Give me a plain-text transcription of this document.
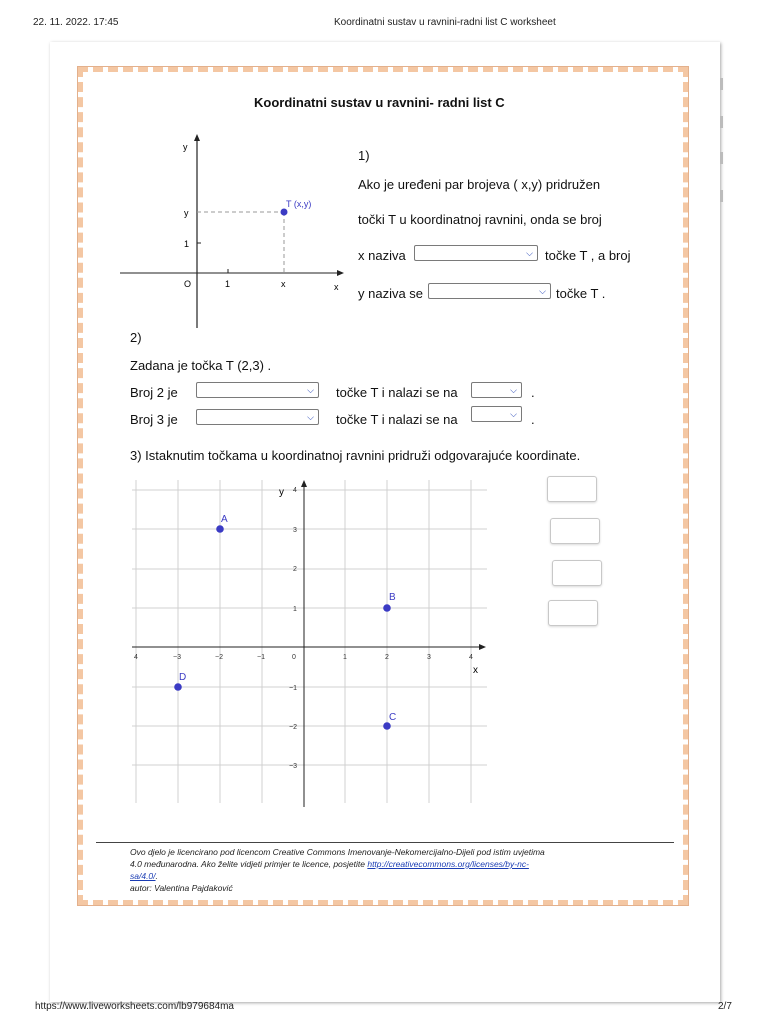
22. 11. 2022. 17:45	Koordinatni sustav u ravnini-radni list C worksheet
Koordinatni sustav u ravnini- radni list C
y
x
O	1	x
1
y
T (x,y)
1)
Ako je uređeni par brojeva ( x,y) pridružen
točki T u koordinatnoj ravnini, onda se broj
x naziva	⌵ točke T , a broj
y naziva se	⌵ točke T .
2)
Zadana je točka T (2,3) .
Broj 2 je	⌵ točke T i nalazi se na	⌵ .
Broj 3 je	⌵ točke T i nalazi se na	⌵ .
3) Istaknutim točkama u koordinatnoj ravnini pridruži odgovarajuće koordinate.
4	−3	−2	−1	0	1	2	3	4
4
3
2
1
−1
−2
−3
x
y
A
B
C
D
Ovo djelo je licencirano pod licencom Creative Commons Imenovanje-Nekomercijalno-Dijeli pod istim uvjetima
4.0 međunarodna. Ako želite vidjeti primjer te licence, posjetite http://creativecommons.org/licenses/by-nc-
sa/4.0/.
autor: Valentina Pajdaković
https://www.liveworksheets.com/lb979684ma	2/7
